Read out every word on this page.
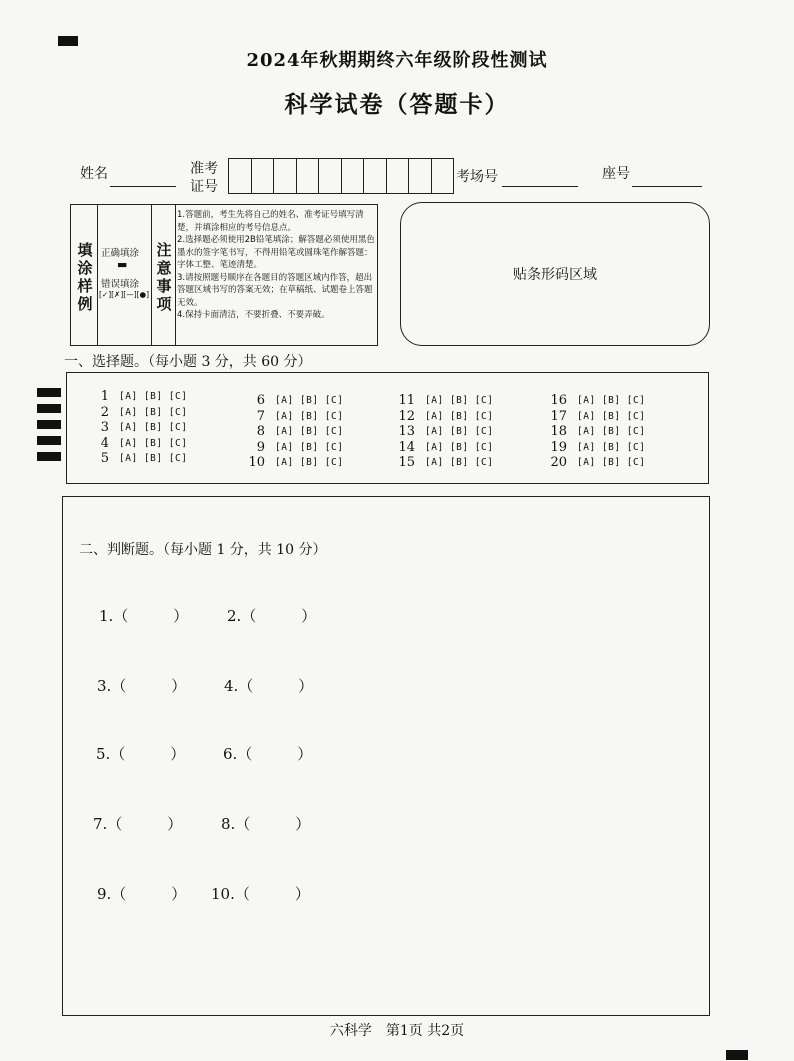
2024年秋期期终六年级阶段性测试
科学试卷（答题卡）
姓名	准考
证号
考场号	座号
填
涂
样
例
正确填涂
▬
错误填涂
[✓][✗][—][●]
注
意
事
项
1.答题前，考生先将自己的姓名、准考证号填写清楚，并填涂相应的考号信息点。
2.选择题必须使用2B铅笔填涂；解答题必须使用黑色墨水的签字笔书写，不得用铅笔或圆珠笔作解答题：字体工整、笔迹清楚。
3.请按照题号顺序在各题目的答题区域内作答，超出答题区域书写的答案无效；在草稿纸、试题卷上答题无效。
4.保持卡面清洁，不要折叠、不要弄破。
贴条形码区域
一、选择题。（每小题 3 分，共 60 分）
1	[A] [B] [C]
2	[A] [B] [C]
3	[A] [B] [C]
4	[A] [B] [C]
5	[A] [B] [C]
6	[A] [B] [C]
7	[A] [B] [C]
8	[A] [B] [C]
9	[A] [B] [C]
10	[A] [B] [C]
11	[A] [B] [C]
12	[A] [B] [C]
13	[A] [B] [C]
14	[A] [B] [C]
15	[A] [B] [C]
16	[A] [B] [C]
17	[A] [B] [C]
18	[A] [B] [C]
19	[A] [B] [C]
20	[A] [B] [C]
二、判断题。（每小题 1 分，共 10 分）
1.（　　　）	2.（　　　）
3.（　　　）	4.（　　　）
5.（　　　）	6.（　　　）
7.（　　　）	8.（　　　）
9.（　　　） 10.（　　　）
六科学　第1页 共2页
